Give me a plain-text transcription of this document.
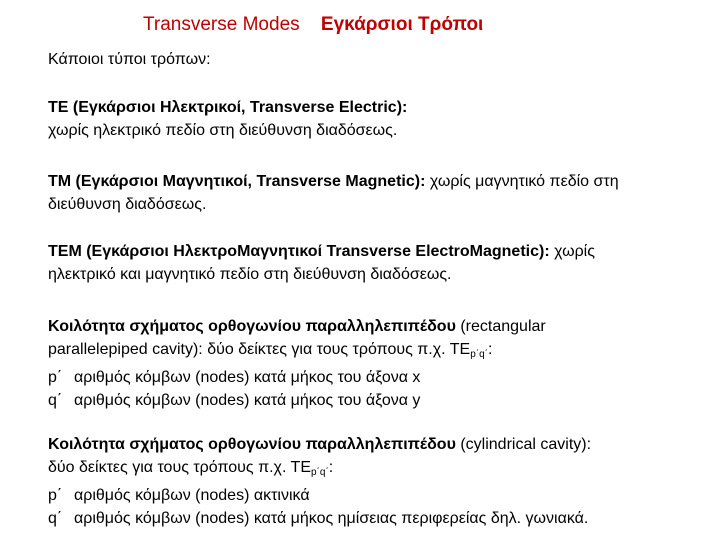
Transverse Modes Εγκάρσιοι Τρόποι
Κάποιοι τύποι τρόπων:
ΤΕ (Εγκάρσιοι Ηλεκτρικοί, Transverse Electric):
χωρίς ηλεκτρικό πεδίο στη διεύθυνση διαδόσεως.
ΤΜ (Εγκάρσιοι Μαγνητικοί, Transverse Magnetic): χωρίς μαγνητικό πεδίο στη
διεύθυνση διαδόσεως.
ΤΕΜ (Εγκάρσιοι ΗλεκτροΜαγνητικοί Transverse ElectroMagnetic): χωρίς
ηλεκτρικό και μαγνητικό πεδίο στη διεύθυνση διαδόσεως.
Κοιλότητα σχήματος ορθογωνίου παραλληλεπιπέδου (rectangular
parallelepiped cavity): δύο δείκτες για τους τρόπους π.χ. $TE_{p΄q΄}$:
p΄ αριθμός κόμβων (nodes) κατά μήκος του άξονα x
q΄ αριθμός κόμβων (nodes) κατά μήκος του άξονα y
Κοιλότητα σχήματος ορθογωνίου παραλληλεπιπέδου (cylindrical cavity):
δύο δείκτες για τους τρόπους π.χ. $TE_{p΄q΄}$:
p΄ αριθμός κόμβων (nodes) ακτινικά
q΄ αριθμός κόμβων (nodes) κατά μήκος ημίσειας περιφερείας δηλ. γωνιακά.
